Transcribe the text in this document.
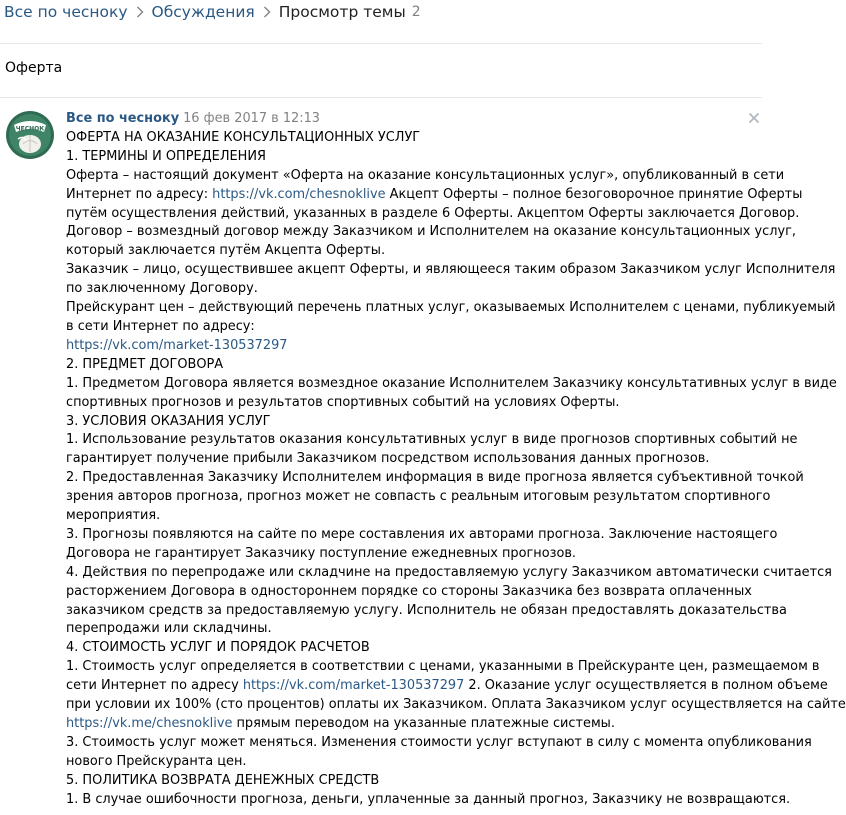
Все по чесноку Обсуждения Просмотр темы 2
Оферта
ЧЕСНОК
Все по чесноку 16 фев 2017 в 12:13
ОФЕРТА НА ОКАЗАНИЕ КОНСУЛЬТАЦИОННЫХ УСЛУГ
1. ТЕРМИНЫ И ОПРЕДЕЛЕНИЯ
Оферта – настоящий документ «Оферта на оказание консультационных услуг», опубликованный в сети
Интернет по адресу: https://vk.com/chesnoklive Акцепт Оферты – полное безоговорочное принятие Оферты
путём осуществления действий, указанных в разделе 6 Оферты. Акцептом Оферты заключается Договор.
Договор – возмездный договор между Заказчиком и Исполнителем на оказание консультационных услуг,
который заключается путём Акцепта Оферты.
Заказчик – лицо, осуществившее акцепт Оферты, и являющееся таким образом Заказчиком услуг Исполнителя
по заключенному Договору.
Прейскурант цен – действующий перечень платных услуг, оказываемых Исполнителем с ценами, публикуемый
в сети Интернет по адресу:
https://vk.com/market-130537297
2. ПРЕДМЕТ ДОГОВОРА
1. Предметом Договора является возмездное оказание Исполнителем Заказчику консультативных услуг в виде
спортивных прогнозов и результатов спортивных событий на условиях Оферты.
3. УСЛОВИЯ ОКАЗАНИЯ УСЛУГ
1. Использование результатов оказания консультативных услуг в виде прогнозов спортивных событий не
гарантирует получение прибыли Заказчиком посредством использования данных прогнозов.
2. Предоставленная Заказчику Исполнителем информация в виде прогноза является субъективной точкой
зрения авторов прогноза, прогноз может не совпасть с реальным итоговым результатом спортивного
мероприятия.
3. Прогнозы появляются на сайте по мере составления их авторами прогноза. Заключение настоящего
Договора не гарантирует Заказчику поступление ежедневных прогнозов.
4. Действия по перепродаже или складчине на предоставляемую услугу Заказчиком автоматически считается
расторжением Договора в одностороннем порядке со стороны Заказчика без возврата оплаченных
заказчиком средств за предоставляемую услугу. Исполнитель не обязан предоставлять доказательства
перепродажи или складчины.
4. СТОИМОСТЬ УСЛУГ И ПОРЯДОК РАСЧЕТОВ
1. Стоимость услуг определяется в соответствии с ценами, указанными в Прейскуранте цен, размещаемом в
сети Интернет по адресу https://vk.com/market-130537297 2. Оказание услуг осуществляется в полном объеме
при условии их 100% (сто процентов) оплаты их Заказчиком. Оплата Заказчиком услуг осуществляется на сайте
https://vk.me/chesnoklive прямым переводом на указанные платежные системы.
3. Стоимость услуг может меняться. Изменения стоимости услуг вступают в силу с момента опубликования
нового Прейскуранта цен.
5. ПОЛИТИКА ВОЗВРАТА ДЕНЕЖНЫХ СРЕДСТВ
1. В случае ошибочности прогноза, деньги, уплаченные за данный прогноз, Заказчику не возвращаются.
